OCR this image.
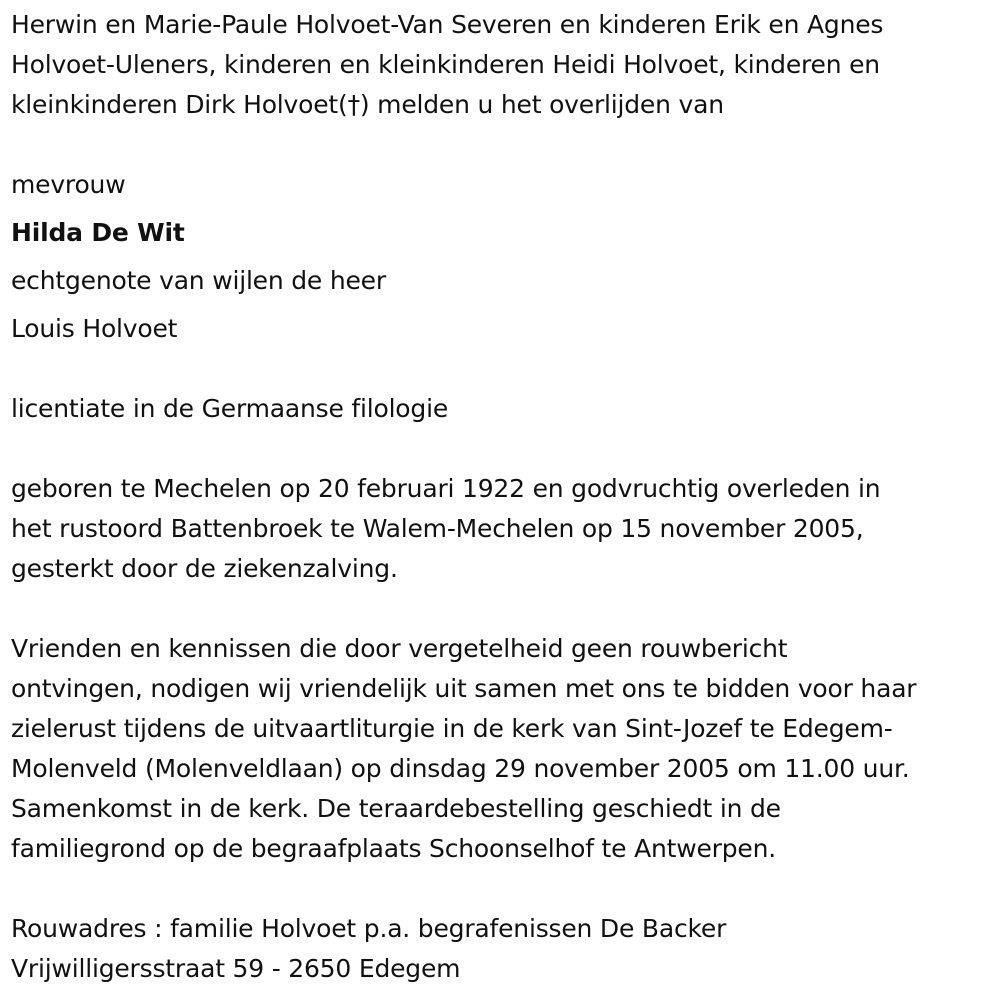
Herwin en Marie-Paule Holvoet-Van Severen en kinderen Erik en Agnes
Holvoet-Uleners, kinderen en kleinkinderen Heidi Holvoet, kinderen en
kleinkinderen Dirk Holvoet(†) melden u het overlijden van
mevrouw
Hilda De Wit
echtgenote van wijlen de heer
Louis Holvoet
licentiate in de Germaanse filologie
geboren te Mechelen op 20 februari 1922 en godvruchtig overleden in
het rustoord Battenbroek te Walem-Mechelen op 15 november 2005,
gesterkt door de ziekenzalving.
Vrienden en kennissen die door vergetelheid geen rouwbericht
ontvingen, nodigen wij vriendelijk uit samen met ons te bidden voor haar
zielerust tijdens de uitvaartliturgie in de kerk van Sint-Jozef te Edegem-
Molenveld (Molenveldlaan) op dinsdag 29 november 2005 om 11.00 uur.
Samenkomst in de kerk. De teraardebestelling geschiedt in de
familiegrond op de begraafplaats Schoonselhof te Antwerpen.
Rouwadres : familie Holvoet p.a. begrafenissen De Backer
Vrijwilligersstraat 59 - 2650 Edegem
